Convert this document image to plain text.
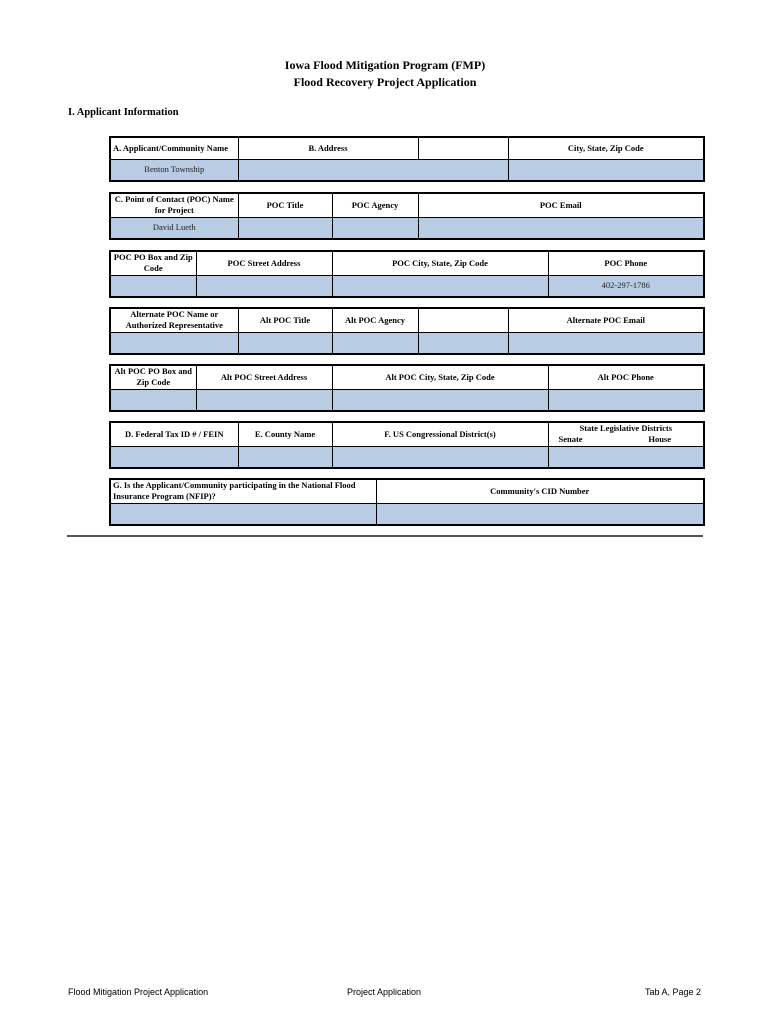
Iowa Flood Mitigation Program (FMP)
Flood Recovery Project Application
I. Applicant Information
A. Applicant/Community Name	B. Address		City, State, Zip Code
Benton Township			
C. Point of Contact (POC) Name for Project	POC Title	POC Agency	POC Email
David Lueth			
POC PO Box and Zip Code	POC Street Address	POC City, State, Zip Code	POC Phone
			402-297-1786
Alternate POC Name or Authorized Representative	Alt POC Title	Alt POC Agency		Alternate POC Email

Alt POC PO Box and Zip Code	Alt POC Street Address	Alt POC City, State, Zip Code	Alt POC Phone

D. Federal Tax ID # / FEIN	E. County Name	F. US Congressional District(s)	State Legislative Districts
Senate House

G. Is the Applicant/Community participating in the National Flood Insurance Program (NFIP)?	Community's CID Number

Flood Mitigation Project Application	Project Application	Tab A, Page 2
